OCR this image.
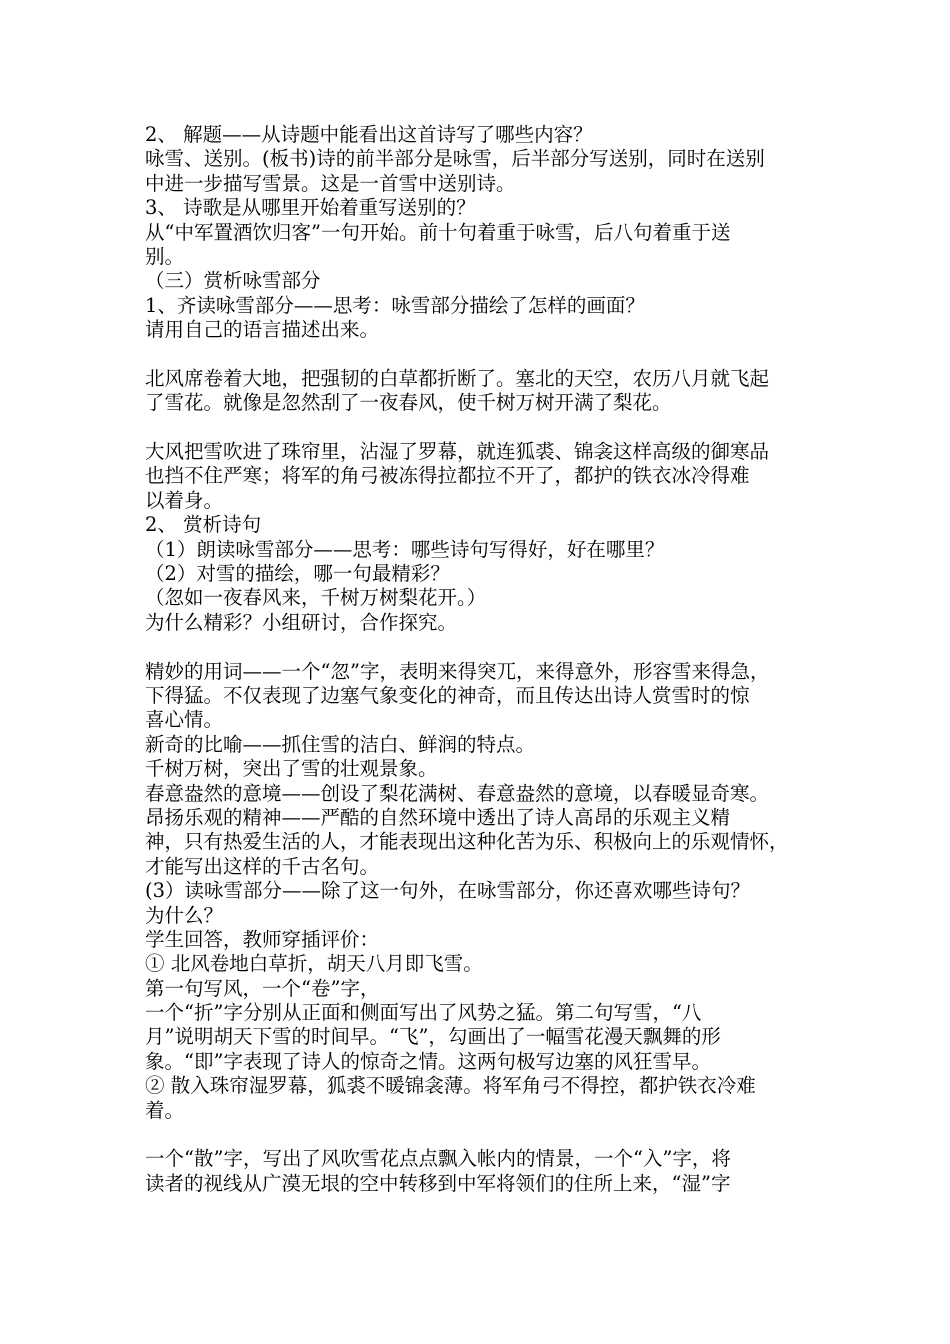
2、 解题——从诗题中能看出这首诗写了哪些内容？
咏雪、送别。(板书)诗的前半部分是咏雪，后半部分写送别，同时在送别
中进一步描写雪景。这是一首雪中送别诗。
3、 诗歌是从哪里开始着重写送别的？
从“中军置酒饮归客”一句开始。前十句着重于咏雪，后八句着重于送
别。
（三）赏析咏雪部分
1、齐读咏雪部分——思考：咏雪部分描绘了怎样的画面？
请用自己的语言描述出来。
北风席卷着大地，把强韧的白草都折断了。塞北的天空，农历八月就飞起
了雪花。就像是忽然刮了一夜春风，使千树万树开满了梨花。
大风把雪吹进了珠帘里，沾湿了罗幕，就连狐裘、锦衾这样高级的御寒品
也挡不住严寒；将军的角弓被冻得拉都拉不开了，都护的铁衣冰冷得难
以着身。
2、 赏析诗句
（1）朗读咏雪部分——思考：哪些诗句写得好，好在哪里？
（2）对雪的描绘，哪一句最精彩？
（忽如一夜春风来，千树万树梨花开。）
为什么精彩？小组研讨，合作探究。
精妙的用词——一个“忽”字，表明来得突兀，来得意外，形容雪来得急，
下得猛。不仅表现了边塞气象变化的神奇，而且传达出诗人赏雪时的惊
喜心情。
新奇的比喻——抓住雪的洁白、鲜润的特点。
千树万树，突出了雪的壮观景象。
春意盎然的意境——创设了梨花满树、春意盎然的意境，以春暖显奇寒。
昂扬乐观的精神——严酷的自然环境中透出了诗人高昂的乐观主义精
神，只有热爱生活的人，才能表现出这种化苦为乐、积极向上的乐观情怀，
才能写出这样的千古名句。
(3）读咏雪部分——除了这一句外，在咏雪部分，你还喜欢哪些诗句？
为什么？
学生回答，教师穿插评价：
① 北风卷地白草折，胡天八月即飞雪。
第一句写风，一个“卷”字，
一个“折”字分别从正面和侧面写出了风势之猛。第二句写雪，“八
月”说明胡天下雪的时间早。“飞”，勾画出了一幅雪花漫天飘舞的形
象。“即”字表现了诗人的惊奇之情。这两句极写边塞的风狂雪早。
② 散入珠帘湿罗幕，狐裘不暖锦衾薄。将军角弓不得控，都护铁衣冷难
着。
一个“散”字，写出了风吹雪花点点飘入帐内的情景，一个“入”字，将
读者的视线从广漠无垠的空中转移到中军将领们的住所上来，“湿”字
